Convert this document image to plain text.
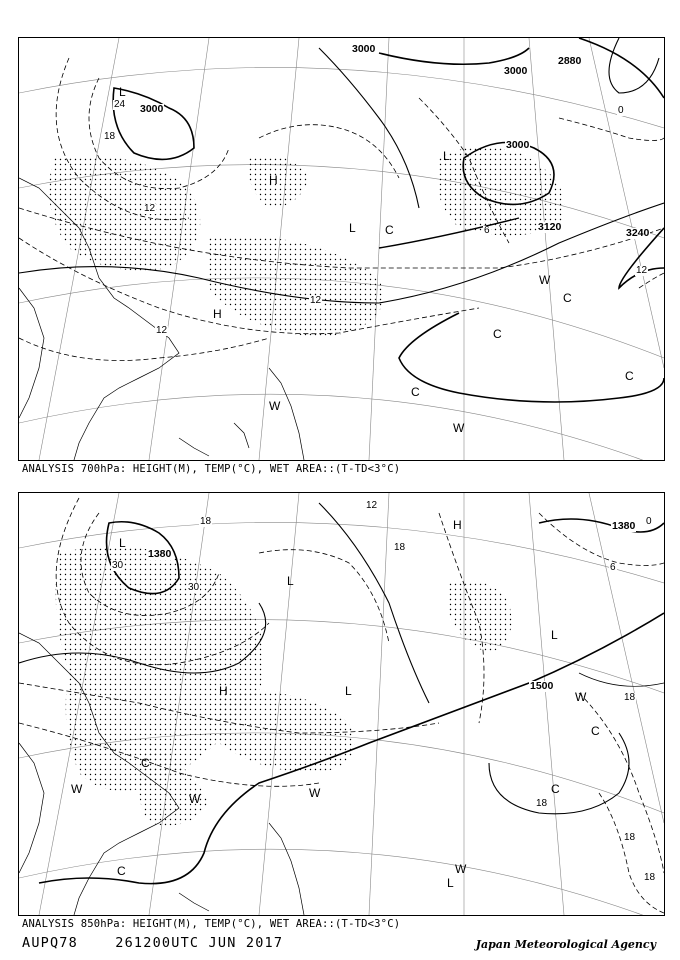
3000
3000
3000
3000
2880
3120	3240
24
18
12
12
12
6
0
12
L
H
L C
C
C
C
C
W
W
W
H
L
ANALYSIS 700hPa: HEIGHT(M), TEMP(°C), WET AREA::(T-TD<3°C)
1380
1500
1380
30
30
18
18
18
18
18
12
6
0
18
L
H
L
L
H
C
C
W
W	W	C
C
W
L
W
L
ANALYSIS 850hPa: HEIGHT(M), TEMP(°C), WET AREA::(T-TD<3°C)
AUPQ78	261200UTC JUN 2017	Japan Meteorological Agency
